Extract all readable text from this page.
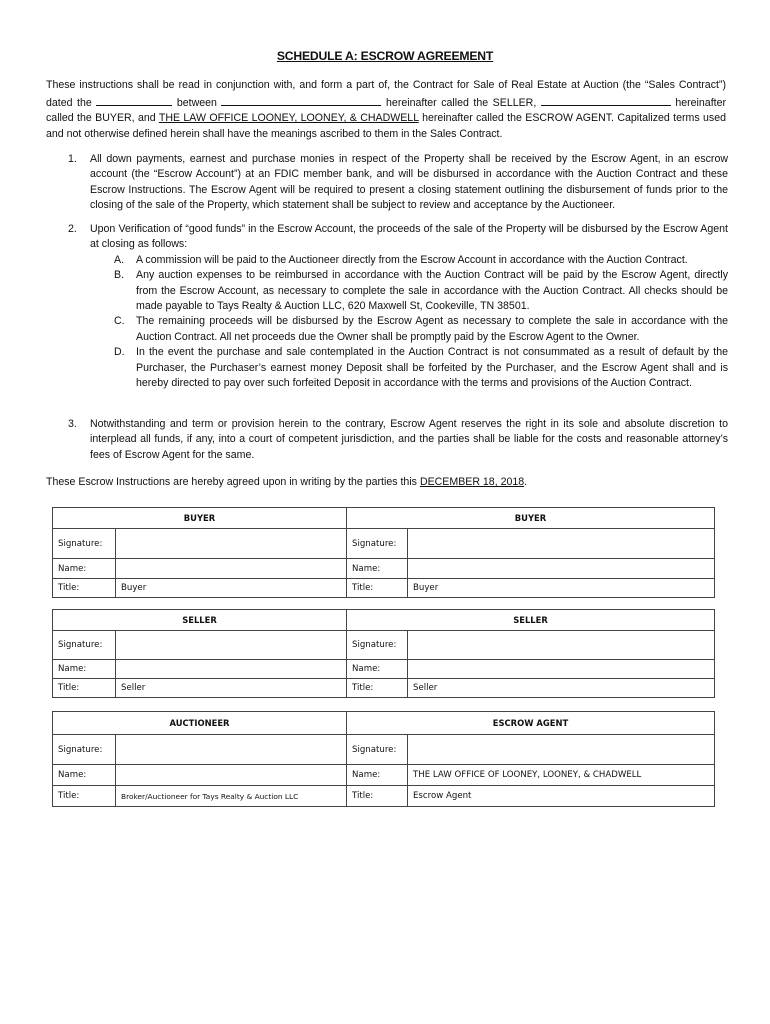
SCHEDULE A: ESCROW AGREEMENT
These instructions shall be read in conjunction with, and form a part of, the Contract for Sale of Real Estate at Auction (the “Sales Contract”) dated the	between	hereinafter called the SELLER,	hereinafter called the BUYER, and THE LAW OFFICE LOONEY, LOONEY, & CHADWELL hereinafter called the ESCROW AGENT. Capitalized terms used and not otherwise defined herein shall have the meanings ascribed to them in the Sales Contract.
1. All down payments, earnest and purchase monies in respect of the Property shall be received by the Escrow Agent, in an escrow account (the “Escrow Account”) at an FDIC member bank, and will be disbursed in accordance with the Auction Contract and these Escrow Instructions. The Escrow Agent will be required to present a closing statement outlining the disbursement of funds prior to the closing of the sale of the Property, which statement shall be subject to review and acceptance by the Auctioneer.
2. Upon Verification of “good funds” in the Escrow Account, the proceeds of the sale of the Property will be disbursed by the Escrow Agent at closing as follows:
A. A commission will be paid to the Auctioneer directly from the Escrow Account in accordance with the Auction Contract.
B. Any auction expenses to be reimbursed in accordance with the Auction Contract will be paid by the Escrow Agent, directly from the Escrow Account, as necessary to complete the sale in accordance with the Auction Contract. All checks should be made payable to Tays Realty & Auction LLC, 620 Maxwell St, Cookeville, TN 38501.
C. The remaining proceeds will be disbursed by the Escrow Agent as necessary to complete the sale in accordance with the Auction Contract. All net proceeds due the Owner shall be promptly paid by the Escrow Agent to the Owner.
D. In the event the purchase and sale contemplated in the Auction Contract is not consummated as a result of default by the Purchaser, the Purchaser’s earnest money Deposit shall be forfeited by the Purchaser, and the Escrow Agent shall and is hereby directed to pay over such forfeited Deposit in accordance with the terms and provisions of the Auction Contract.
3. Notwithstanding and term or provision herein to the contrary, Escrow Agent reserves the right in its sole and absolute discretion to interplead all funds, if any, into a court of competent jurisdiction, and the parties shall be liable for the costs and reasonable attorney’s fees of Escrow Agent for the same.
These Escrow Instructions are hereby agreed upon in writing by the parties this DECEMBER 18, 2018.
BUYER		BUYER	
Signature:		Signature:	
Name:		Name:	
Title:	Buyer	Title:	Buyer
SELLER		SELLER	
Signature:		Signature:	
Name:		Name:	
Title:	Seller	Title:	Seller
AUCTIONEER		ESCROW AGENT	
Signature:		Signature:	
Name:		Name:	THE LAW OFFICE OF LOONEY, LOONEY, & CHADWELL
Title:	Broker/Auctioneer for Tays Realty & Auction LLC	Title:	Escrow Agent
